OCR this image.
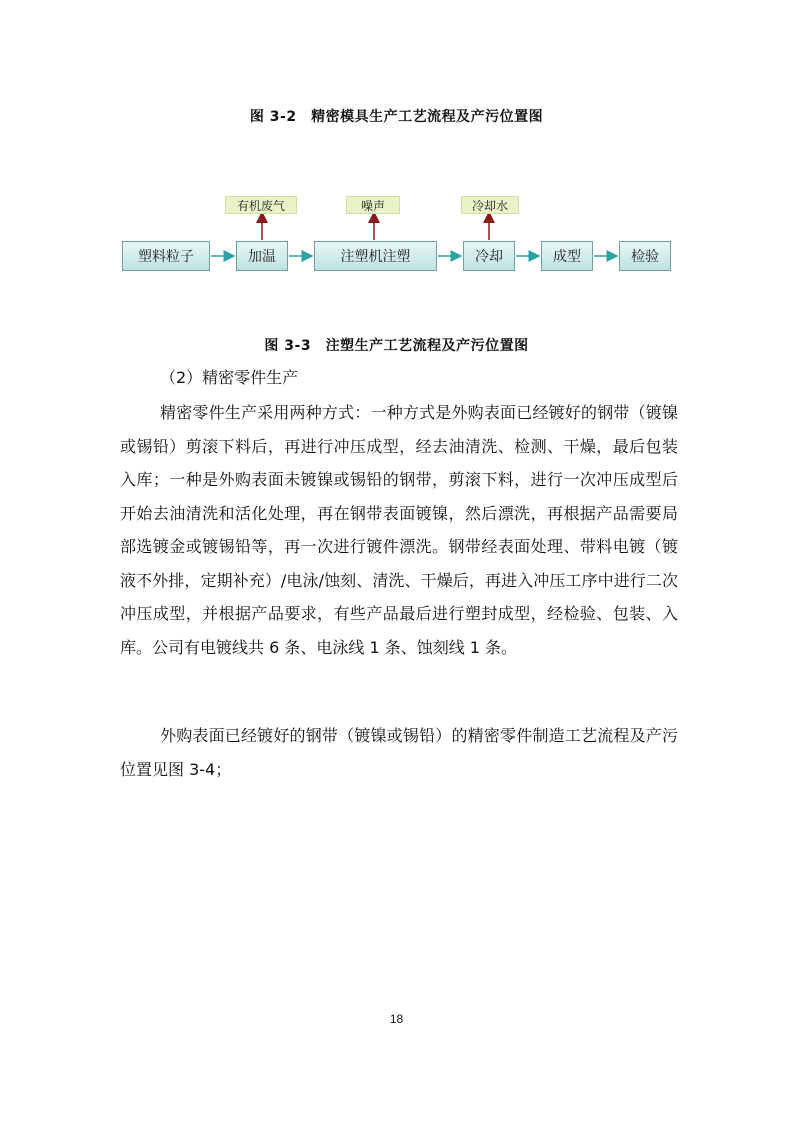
图 3-2　精密模具生产工艺流程及产污位置图
塑料粒子	加温	注塑机注塑	冷却	成型	检验
有机废气	噪声	冷却水
图 3-3　注塑生产工艺流程及产污位置图
（2）精密零件生产
精密零件生产采用两种方式：一种方式是外购表面已经镀好的钢带（镀镍或锡铅）剪滚下料后，再进行冲压成型，经去油清洗、检测、干燥，最后包装入库；一种是外购表面未镀镍或锡铅的钢带，剪滚下料，进行一次冲压成型后开始去油清洗和活化处理，再在钢带表面镀镍，然后漂洗，再根据产品需要局部选镀金或镀锡铅等，再一次进行镀件漂洗。钢带经表面处理、带料电镀（镀液不外排，定期补充）/电泳/蚀刻、清洗、干燥后，再进入冲压工序中进行二次冲压成型，并根据产品要求，有些产品最后进行塑封成型，经检验、包装、入库。公司有电镀线共 6 条、电泳线 1 条、蚀刻线 1 条。
外购表面已经镀好的钢带（镀镍或锡铅）的精密零件制造工艺流程及产污位置见图 3-4；
18
